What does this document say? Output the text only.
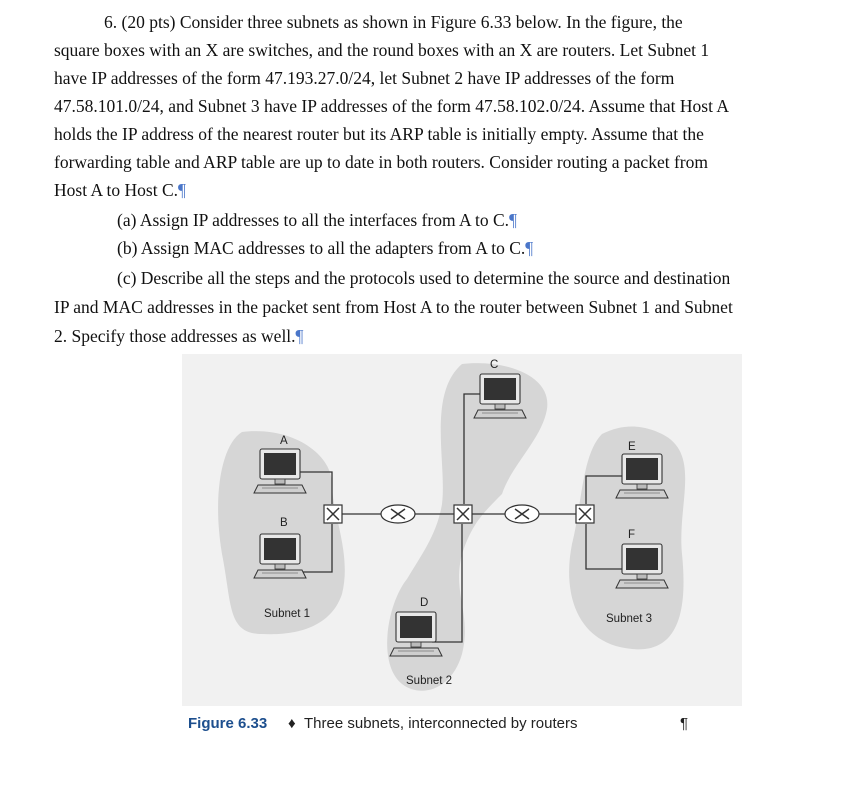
6. (20 pts) Consider three subnets as shown in Figure 6.33 below. In the figure, the
square boxes with an X are switches, and the round boxes with an X are routers. Let Subnet 1
have IP addresses of the form 47.193.27.0/24, let Subnet 2 have IP addresses of the form
47.58.101.0/24, and Subnet 3 have IP addresses of the form 47.58.102.0/24. Assume that Host A
holds the IP address of the nearest router but its ARP table is initially empty. Assume that the
forwarding table and ARP table are up to date in both routers. Consider routing a packet from
Host A to Host C.¶
(a) Assign IP addresses to all the interfaces from A to C.¶
(b) Assign MAC addresses to all the adapters from A to C.¶
(c) Describe all the steps and the protocols used to determine the source and destination
IP and MAC addresses in the packet sent from Host A to the router between Subnet 1 and Subnet
2. Specify those addresses as well.¶
A
B
C
D
E
F
Subnet 1
Subnet 2
Subnet 3
Figure 6.33 ♦ Three subnets, interconnected by routers	¶
